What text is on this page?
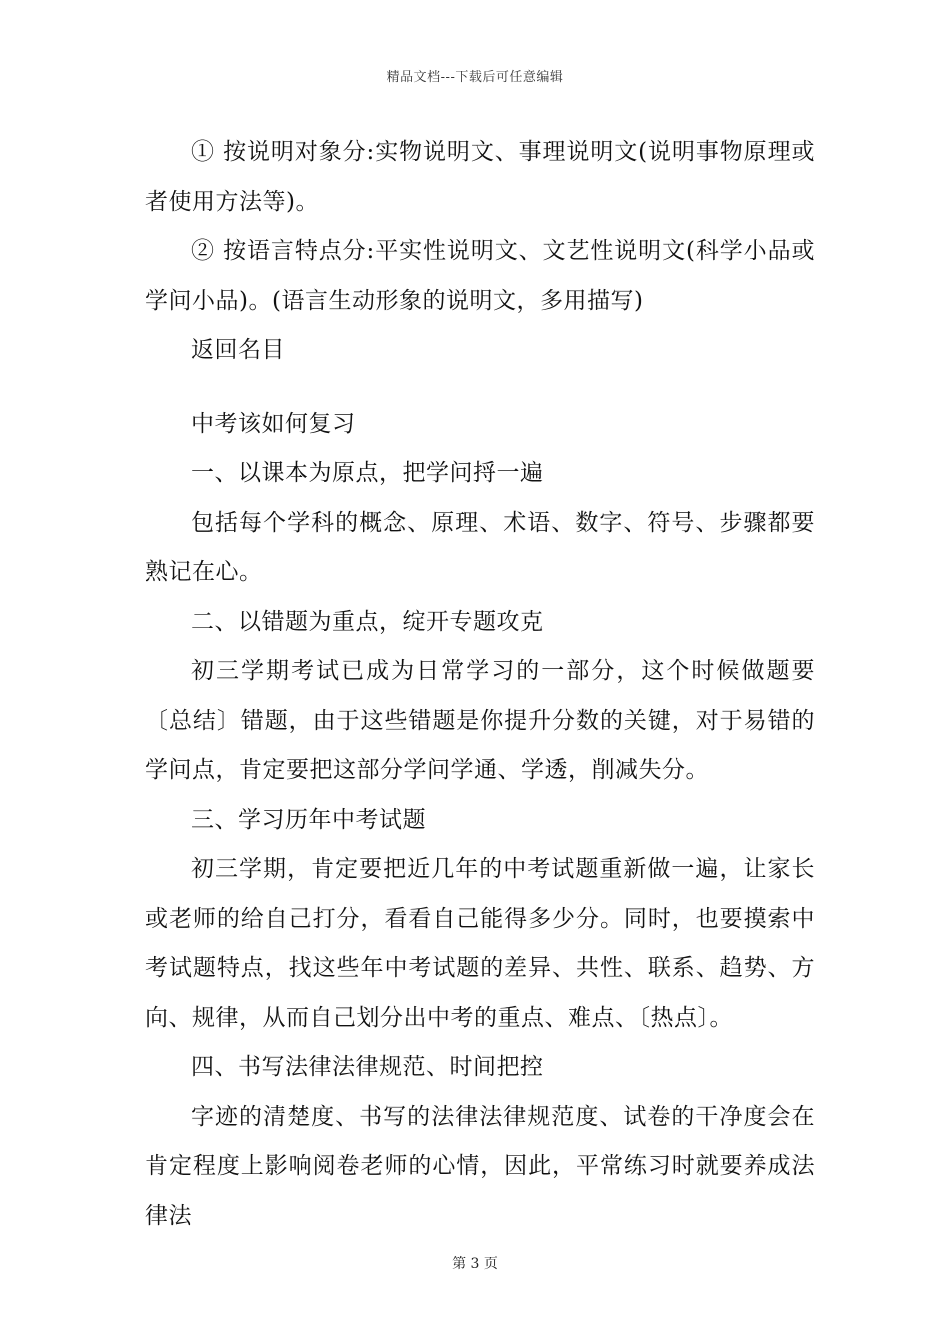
精品文档---下载后可任意编辑

① 按说明对象分:实物说明文、事理说明文(说明事物原理或者使用方法等)。

② 按语言特点分:平实性说明文、文艺性说明文(科学小品或学问小品)。(语言生动形象的说明文，多用描写)

返回名目

中考该如何复习

一、以课本为原点，把学问捋一遍

包括每个学科的概念、原理、术语、数字、符号、步骤都要熟记在心。

二、以错题为重点，绽开专题攻克

初三学期考试已成为日常学习的一部分，这个时候做题要〔总结〕错题，由于这些错题是你提升分数的关键，对于易错的学问点，肯定要把这部分学问学通、学透，削减失分。

三、学习历年中考试题

初三学期，肯定要把近几年的中考试题重新做一遍，让家长或老师的给自己打分，看看自己能得多少分。同时，也要摸索中考试题特点，找这些年中考试题的差异、共性、联系、趋势、方向、规律，从而自己划分出中考的重点、难点、〔热点〕。

四、书写法律法律规范、时间把控

字迹的清楚度、书写的法律法律规范度、试卷的干净度会在肯定程度上影响阅卷老师的心情，因此，平常练习时就要养成法律法

第 3 页
